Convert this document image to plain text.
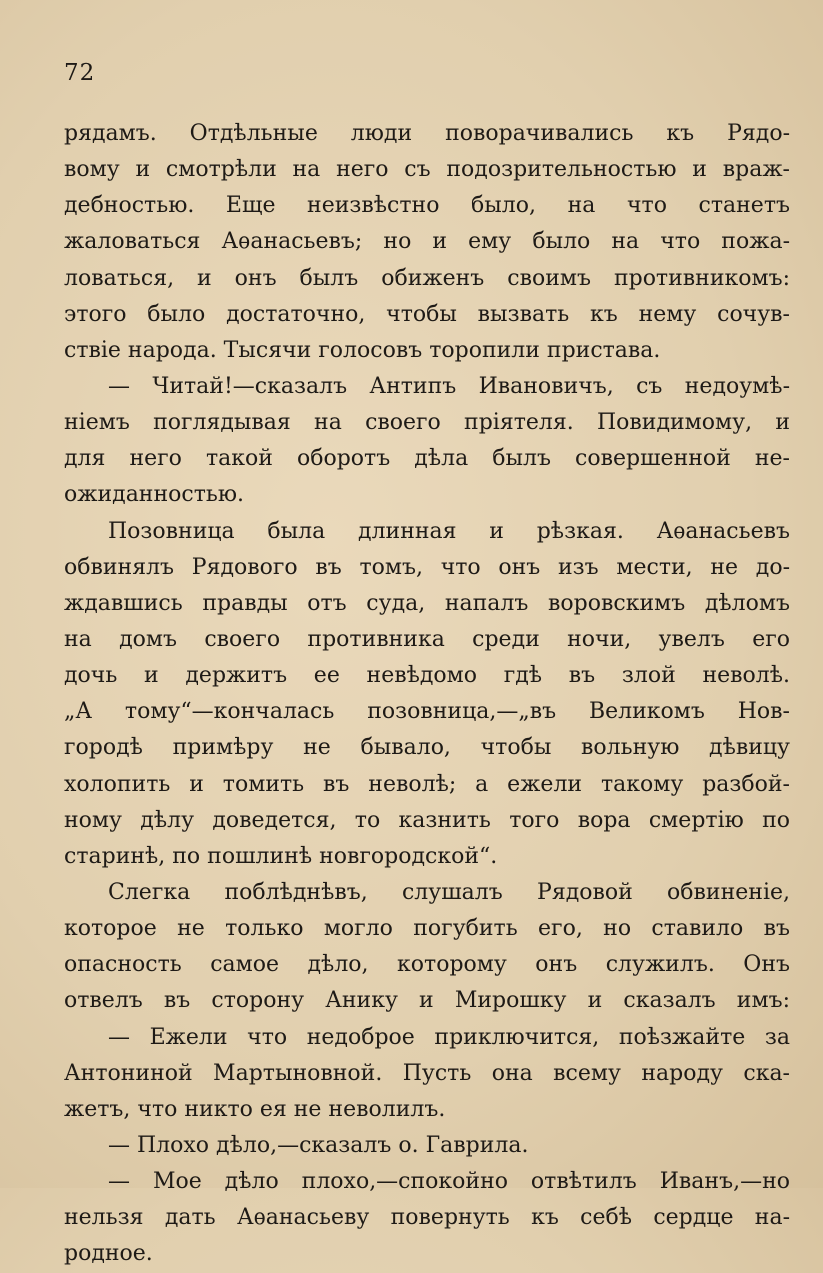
72
рядамъ. Отдѣльные люди поворачивались къ Рядо-
вому и смотрѣли на него съ подозрительностью и враж-
дебностью. Еще неизвѣстно было, на что станетъ
жаловаться Аѳанасьевъ; но и ему было на что пожа-
ловаться, и онъ былъ обиженъ своимъ противникомъ:
этого было достаточно, чтобы вызвать къ нему сочув-
ствіе народа. Тысячи голосовъ торопили пристава.
— Читай!—сказалъ Антипъ Ивановичъ, съ недоумѣ-
ніемъ поглядывая на своего пріятеля. Повидимому, и
для него такой оборотъ дѣла былъ совершенной не-
ожиданностью.
Позовница была длинная и рѣзкая. Аѳанасьевъ
обвинялъ Рядового въ томъ, что онъ изъ мести, не до-
ждавшись правды отъ суда, напалъ воровскимъ дѣломъ
на домъ своего противника среди ночи, увелъ его
дочь и держитъ ее невѣдомо гдѣ въ злой неволѣ.
„А тому“—кончалась позовница,—„въ Великомъ Нов-
городѣ примѣру не бывало, чтобы вольную дѣвицу
холопить и томить въ неволѣ; а ежели такому разбой-
ному дѣлу доведется, то казнить того вора смертію по
старинѣ, по пошлинѣ новгородской“.
Слегка поблѣднѣвъ, слушалъ Рядовой обвиненіе,
которое не только могло погубить его, но ставило въ
опасность самое дѣло, которому онъ служилъ. Онъ
отвелъ въ сторону Анику и Мирошку и сказалъ имъ:
— Ежели что недоброе приключится, поѣзжайте за
Антониной Мартыновной. Пусть она всему народу ска-
жетъ, что никто ея не неволилъ.
— Плохо дѣло,—сказалъ о. Гаврила.
— Мое дѣло плохо,—спокойно отвѣтилъ Иванъ,—но
нельзя дать Аѳанасьеву повернуть къ себѣ сердце на-
родное.
